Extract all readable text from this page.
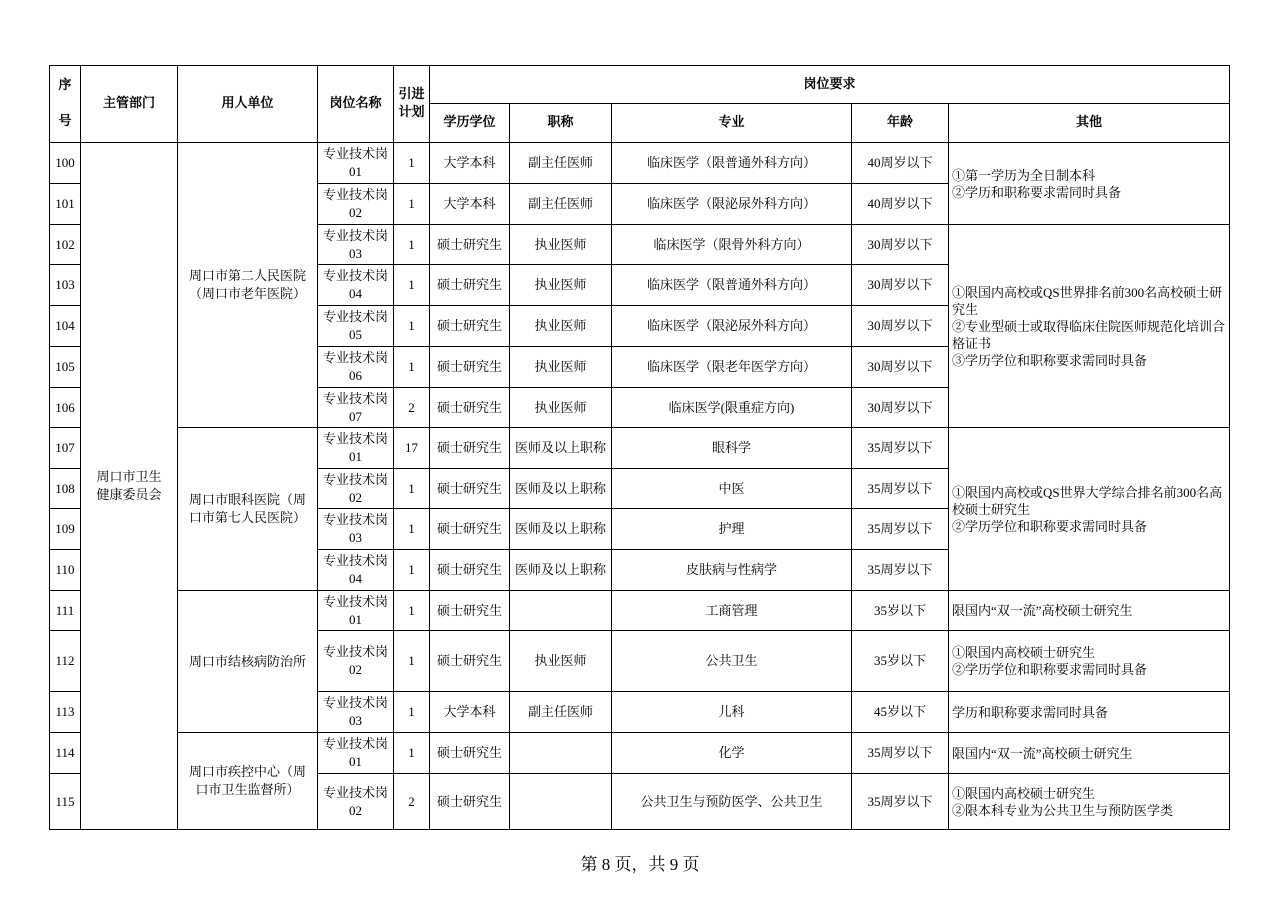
序号	主管部门	用人单位	岗位名称	引进计划	岗位要求				
					学历学位	职称	专业	年龄	其他
100	周口市卫生健康委员会	周口市第二人民医院（周口市老年医院）	专业技术岗01	1	大学本科	副主任医师	临床医学（限普通外科方向）	40周岁以下	①第一学历为全日制本科
②学历和职称要求需同时具备

101			专业技术岗02	1	大学本科	副主任医师	临床医学（限泌尿外科方向）	40周岁以下	
102			专业技术岗03	1	硕士研究生	执业医师	临床医学（限骨外科方向）	30周岁以下	①限国内高校或QS世界排名前300名高校硕士研究生
②专业型硕士或取得临床住院医师规范化培训合格证书
③学历学位和职称要求需同时具备

103			专业技术岗04	1	硕士研究生	执业医师	临床医学（限普通外科方向）	30周岁以下	
104			专业技术岗05	1	硕士研究生	执业医师	临床医学（限泌尿外科方向）	30周岁以下	
105			专业技术岗06	1	硕士研究生	执业医师	临床医学（限老年医学方向）	30周岁以下	
106			专业技术岗07	2	硕士研究生	执业医师	临床医学(限重症方向)	30周岁以下	
107		周口市眼科医院（周口市第七人民医院）	专业技术岗01	17	硕士研究生	医师及以上职称	眼科学	35周岁以下	①限国内高校或QS世界大学综合排名前300名高校硕士研究生
②学历学位和职称要求需同时具备

108			专业技术岗02	1	硕士研究生	医师及以上职称	中医	35周岁以下	
109			专业技术岗03	1	硕士研究生	医师及以上职称	护理	35周岁以下	
110			专业技术岗04	1	硕士研究生	医师及以上职称	皮肤病与性病学	35周岁以下	
111		周口市结核病防治所	专业技术岗01	1	硕士研究生		工商管理	35岁以下	限国内“双一流”高校硕士研究生

112			专业技术岗02	1	硕士研究生	执业医师	公共卫生	35岁以下	①限国内高校硕士研究生
②学历学位和职称要求需同时具备

113			专业技术岗03	1	大学本科	副主任医师	儿科	45岁以下	学历和职称要求需同时具备

114		周口市疾控中心（周口市卫生监督所）	专业技术岗01	1	硕士研究生		化学	35周岁以下	限国内“双一流”高校硕士研究生

115			专业技术岗02	2	硕士研究生		公共卫生与预防医学、公共卫生	35周岁以下	①限国内高校硕士研究生
②限本科专业为公共卫生与预防医学类
第 8 页，共 9 页
